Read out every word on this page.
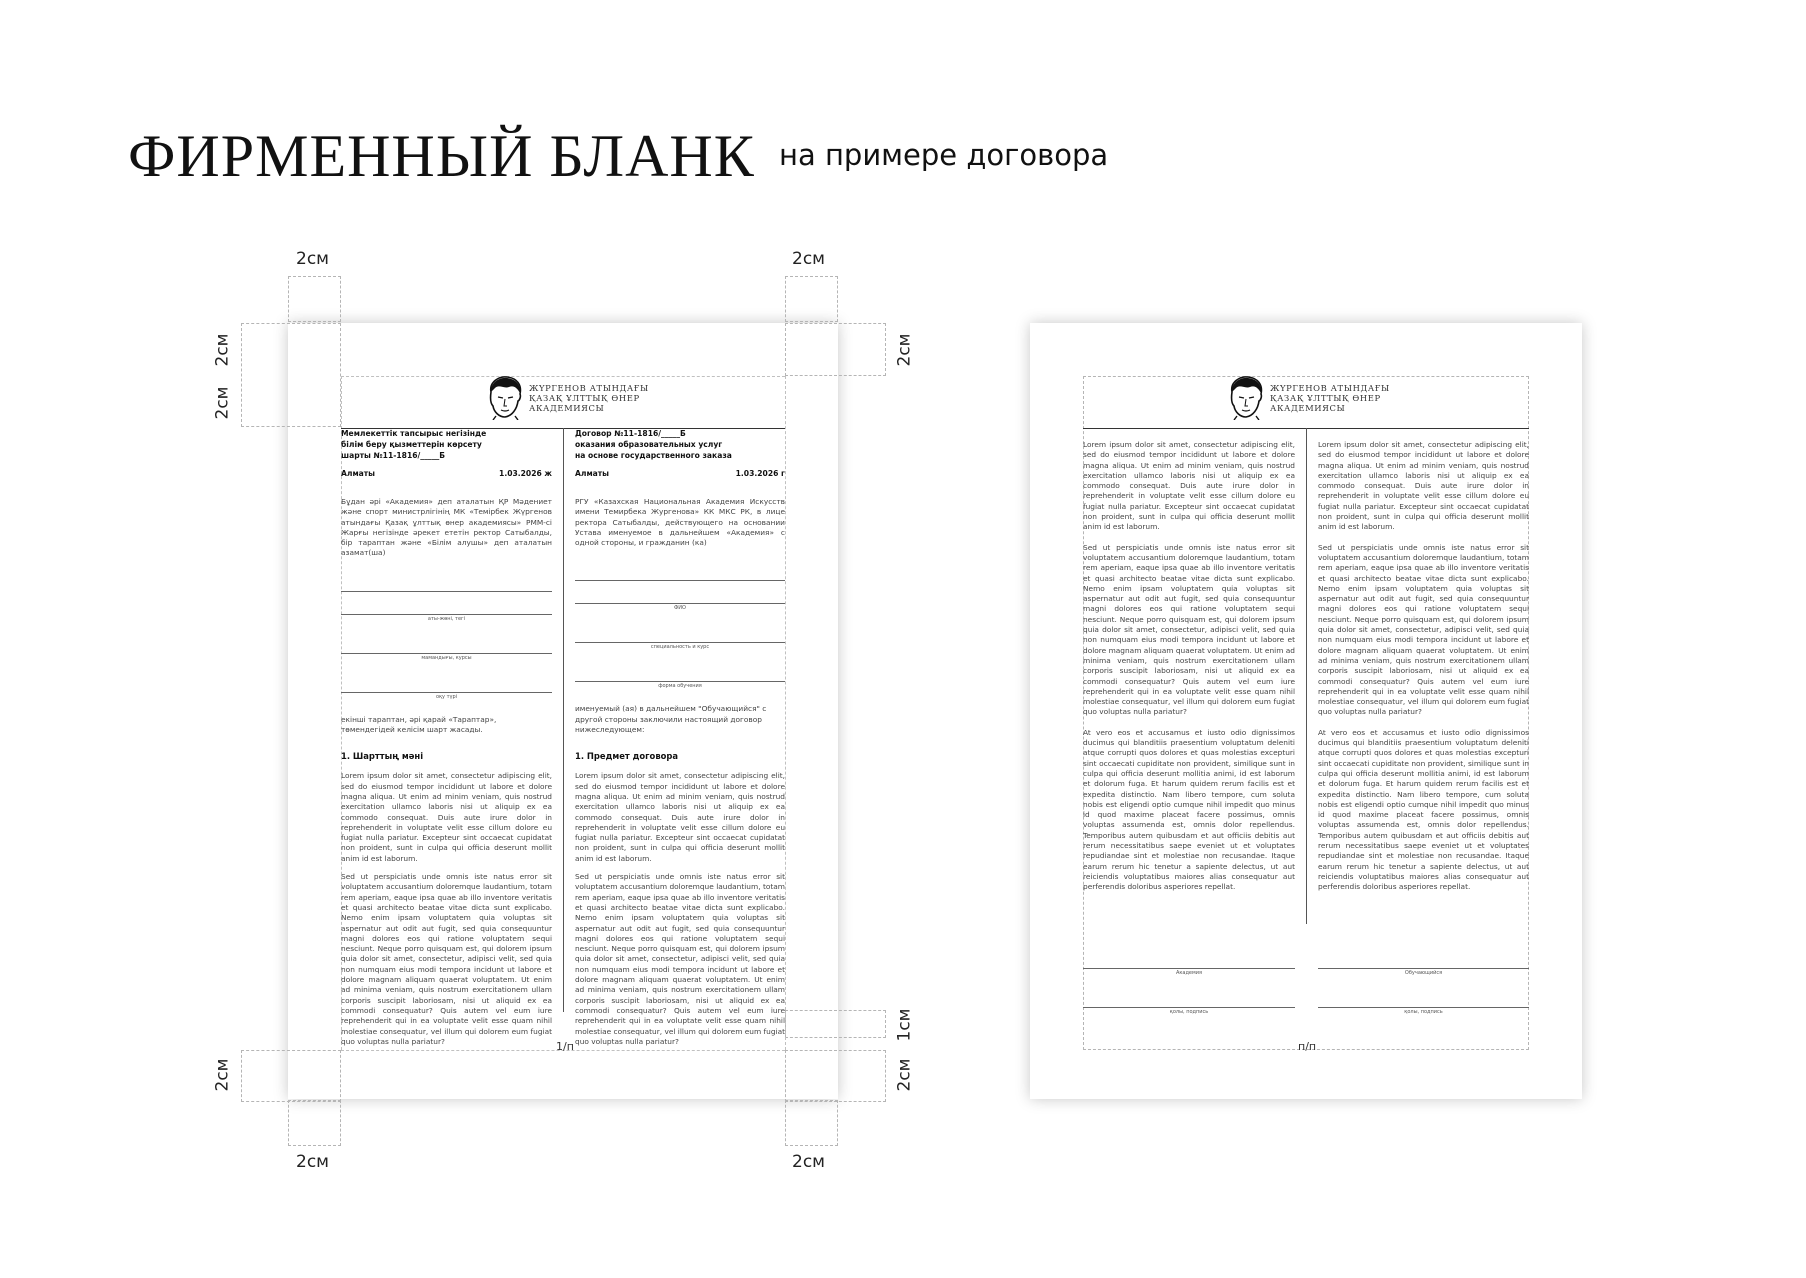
ФИРМЕННЫЙ БЛАНК на примере договора
2см	2см
2см
2см
2см
2см
1см
2см
2см	2см
ЖҮРГЕНОВ АТЫНДАҒЫ
ҚАЗАҚ ҰЛТТЫҚ ӨНЕР
АКАДЕМИЯСЫ
Мемлекеттік тапсырыс негізінде
білім беру қызметтерін көрсету
шарты №11-1816/_____Б
Алматы	1.03.2026 ж
Бұдан әрі «Академия» деп аталатын ҚР Мәдениет және спорт министрлігінің МК «Темірбек Жүргенов атындағы Қазақ ұлттық өнер академиясы» РММ-сі Жарғы негізінде әрекет ететін ректор Сатыбалды, бір тараптан және «Білім алушы» деп аталатын азамат(ша)
аты-жөні, тегі
мамандығы, курсы
оқу түрі
екінші тараптан, әрі қарай «Тараптар», төмендегідей келісім шарт жасады.
1. Шарттың мәні
Lorem ipsum dolor sit amet, consectetur adipiscing elit, sed do eiusmod tempor incididunt ut labore et dolore magna aliqua. Ut enim ad minim veniam, quis nostrud exercitation ullamco laboris nisi ut aliquip ex ea commodo consequat. Duis aute irure dolor in reprehenderit in voluptate velit esse cillum dolore eu fugiat nulla pariatur. Excepteur sint occaecat cupidatat non proident, sunt in culpa qui officia deserunt mollit anim id est laborum.
Sed ut perspiciatis unde omnis iste natus error sit voluptatem accusantium doloremque laudantium, totam rem aperiam, eaque ipsa quae ab illo inventore veritatis et quasi architecto beatae vitae dicta sunt explicabo. Nemo enim ipsam voluptatem quia voluptas sit aspernatur aut odit aut fugit, sed quia consequuntur magni dolores eos qui ratione voluptatem sequi nesciunt. Neque porro quisquam est, qui dolorem ipsum quia dolor sit amet, consectetur, adipisci velit, sed quia non numquam eius modi tempora incidunt ut labore et dolore magnam aliquam quaerat voluptatem. Ut enim ad minima veniam, quis nostrum exercitationem ullam corporis suscipit laboriosam, nisi ut aliquid ex ea commodi consequatur? Quis autem vel eum iure reprehenderit qui in ea voluptate velit esse quam nihil molestiae consequatur, vel illum qui dolorem eum fugiat quo voluptas nulla pariatur?
Договор №11-1816/_____Б
оказания образовательных услуг
на основе государственного заказа
Алматы	1.03.2026 г
РГУ «Казахская Национальная Академия Искусств имени Темирбека Жургенова» КК МКС РК, в лице ректора Сатыбалды, действующего на основании Устава именуемое в дальнейшем «Академия» с одной стороны, и гражданин (ка)
ФИО
специальность и курс
форма обучения
именуемый (ая) в дальнейшем "Обучающийся" с другой стороны заключили настоящий договор нижеследующем:
1. Предмет договора
Lorem ipsum dolor sit amet, consectetur adipiscing elit, sed do eiusmod tempor incididunt ut labore et dolore magna aliqua. Ut enim ad minim veniam, quis nostrud exercitation ullamco laboris nisi ut aliquip ex ea commodo consequat. Duis aute irure dolor in reprehenderit in voluptate velit esse cillum dolore eu fugiat nulla pariatur. Excepteur sint occaecat cupidatat non proident, sunt in culpa qui officia deserunt mollit anim id est laborum.
Sed ut perspiciatis unde omnis iste natus error sit voluptatem accusantium doloremque laudantium, totam rem aperiam, eaque ipsa quae ab illo inventore veritatis et quasi architecto beatae vitae dicta sunt explicabo. Nemo enim ipsam voluptatem quia voluptas sit aspernatur aut odit aut fugit, sed quia consequuntur magni dolores eos qui ratione voluptatem sequi nesciunt. Neque porro quisquam est, qui dolorem ipsum quia dolor sit amet, consectetur, adipisci velit, sed quia non numquam eius modi tempora incidunt ut labore et dolore magnam aliquam quaerat voluptatem. Ut enim ad minima veniam, quis nostrum exercitationem ullam corporis suscipit laboriosam, nisi ut aliquid ex ea commodi consequatur? Quis autem vel eum iure reprehenderit qui in ea voluptate velit esse quam nihil molestiae consequatur, vel illum qui dolorem eum fugiat quo voluptas nulla pariatur?
1/п
ЖҮРГЕНОВ АТЫНДАҒЫ
ҚАЗАҚ ҰЛТТЫҚ ӨНЕР
АКАДЕМИЯСЫ
Lorem ipsum dolor sit amet, consectetur adipiscing elit, sed do eiusmod tempor incididunt ut labore et dolore magna aliqua. Ut enim ad minim veniam, quis nostrud exercitation ullamco laboris nisi ut aliquip ex ea commodo consequat. Duis aute irure dolor in reprehenderit in voluptate velit esse cillum dolore eu fugiat nulla pariatur. Excepteur sint occaecat cupidatat non proident, sunt in culpa qui officia deserunt mollit anim id est laborum.
Sed ut perspiciatis unde omnis iste natus error sit voluptatem accusantium doloremque laudantium, totam rem aperiam, eaque ipsa quae ab illo inventore veritatis et quasi architecto beatae vitae dicta sunt explicabo. Nemo enim ipsam voluptatem quia voluptas sit aspernatur aut odit aut fugit, sed quia consequuntur magni dolores eos qui ratione voluptatem sequi nesciunt. Neque porro quisquam est, qui dolorem ipsum quia dolor sit amet, consectetur, adipisci velit, sed quia non numquam eius modi tempora incidunt ut labore et dolore magnam aliquam quaerat voluptatem. Ut enim ad minima veniam, quis nostrum exercitationem ullam corporis suscipit laboriosam, nisi ut aliquid ex ea commodi consequatur? Quis autem vel eum iure reprehenderit qui in ea voluptate velit esse quam nihil molestiae consequatur, vel illum qui dolorem eum fugiat quo voluptas nulla pariatur?
At vero eos et accusamus et iusto odio dignissimos ducimus qui blanditiis praesentium voluptatum deleniti atque corrupti quos dolores et quas molestias excepturi sint occaecati cupiditate non provident, similique sunt in culpa qui officia deserunt mollitia animi, id est laborum et dolorum fuga. Et harum quidem rerum facilis est et expedita distinctio. Nam libero tempore, cum soluta nobis est eligendi optio cumque nihil impedit quo minus id quod maxime placeat facere possimus, omnis voluptas assumenda est, omnis dolor repellendus. Temporibus autem quibusdam et aut officiis debitis aut rerum necessitatibus saepe eveniet ut et voluptates repudiandae sint et molestiae non recusandae. Itaque earum rerum hic tenetur a sapiente delectus, ut aut reiciendis voluptatibus maiores alias consequatur aut perferendis doloribus asperiores repellat.
Lorem ipsum dolor sit amet, consectetur adipiscing elit, sed do eiusmod tempor incididunt ut labore et dolore magna aliqua. Ut enim ad minim veniam, quis nostrud exercitation ullamco laboris nisi ut aliquip ex ea commodo consequat. Duis aute irure dolor in reprehenderit in voluptate velit esse cillum dolore eu fugiat nulla pariatur. Excepteur sint occaecat cupidatat non proident, sunt in culpa qui officia deserunt mollit anim id est laborum.
Sed ut perspiciatis unde omnis iste natus error sit voluptatem accusantium doloremque laudantium, totam rem aperiam, eaque ipsa quae ab illo inventore veritatis et quasi architecto beatae vitae dicta sunt explicabo. Nemo enim ipsam voluptatem quia voluptas sit aspernatur aut odit aut fugit, sed quia consequuntur magni dolores eos qui ratione voluptatem sequi nesciunt. Neque porro quisquam est, qui dolorem ipsum quia dolor sit amet, consectetur, adipisci velit, sed quia non numquam eius modi tempora incidunt ut labore et dolore magnam aliquam quaerat voluptatem. Ut enim ad minima veniam, quis nostrum exercitationem ullam corporis suscipit laboriosam, nisi ut aliquid ex ea commodi consequatur? Quis autem vel eum iure reprehenderit qui in ea voluptate velit esse quam nihil molestiae consequatur, vel illum qui dolorem eum fugiat quo voluptas nulla pariatur?
At vero eos et accusamus et iusto odio dignissimos ducimus qui blanditiis praesentium voluptatum deleniti atque corrupti quos dolores et quas molestias excepturi sint occaecati cupiditate non provident, similique sunt in culpa qui officia deserunt mollitia animi, id est laborum et dolorum fuga. Et harum quidem rerum facilis est et expedita distinctio. Nam libero tempore, cum soluta nobis est eligendi optio cumque nihil impedit quo minus id quod maxime placeat facere possimus, omnis voluptas assumenda est, omnis dolor repellendus. Temporibus autem quibusdam et aut officiis debitis aut rerum necessitatibus saepe eveniet ut et voluptates repudiandae sint et molestiae non recusandae. Itaque earum rerum hic tenetur a sapiente delectus, ut aut reiciendis voluptatibus maiores alias consequatur aut perferendis doloribus asperiores repellat.
Академия
қолы, подпись
Обучающийся
қолы, подпись
п/п
